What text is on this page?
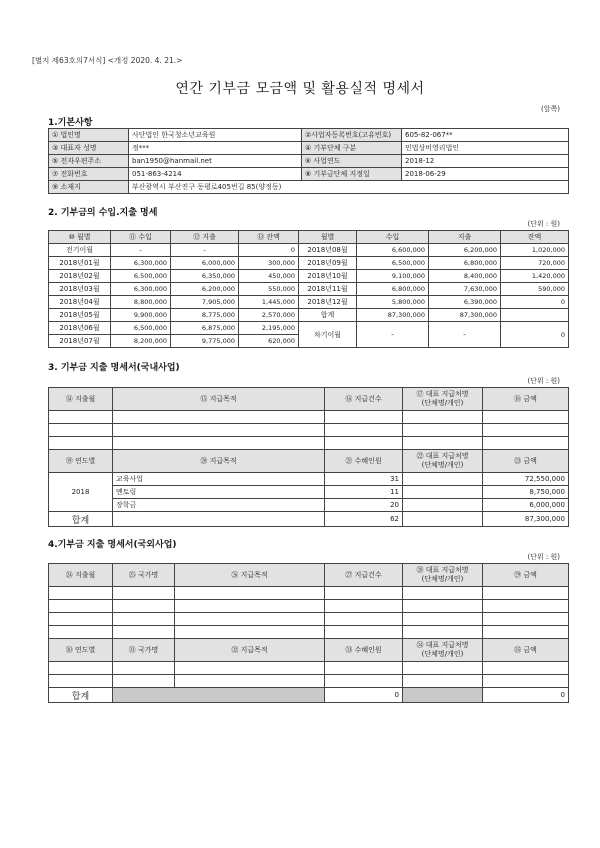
[별지 제63호의7서식] <개정 2020. 4. 21.>
연간 기부금 모금액 및 활용실적 명세서
(앞쪽)
1.기본사항
① 법인명	사단법인 한국청소년교육원	②사업자등록번호(고유번호)	605-82-067**
③ 대표자 성명	정***	④ 기부단체 구분	민법상비영리법인
⑤ 전자우편주소	ban1950@hanmail.net	⑥ 사업연도	2018-12
⑦ 전화번호	051-863-4214	⑧ 기부금단체 지정일	2018-06-29
⑨ 소재지	부산광역시 부산진구 동평로405번길 85(양정동)		
2. 기부금의 수입.지출 명세
(단위 : 원)
⑩ 월별	⑪ 수입	⑫ 지출	⑬ 잔액	월별	수입	지출	잔액
전기이월	-	-	0	2018년08월	6,600,000	6,200,000	1,020,000
2018년01월	6,300,000	6,000,000	300,000	2018년09월	6,500,000	6,800,000	720,000
2018년02월	6,500,000	6,350,000	450,000	2018년10월	9,100,000	8,400,000	1,420,000
2018년03월	6,300,000	6,200,000	550,000	2018년11월	6,800,000	7,630,000	590,000
2018년04월	8,800,000	7,905,000	1,445,000	2018년12월	5,800,000	6,390,000	0
2018년05월	9,900,000	8,775,000	2,570,000	합계	87,300,000	87,300,000	
2018년06월	6,500,000	6,875,000	2,195,000	차기이월	-	-	0
2018년07월	8,200,000	9,775,000	620,000				
3. 기부금 지출 명세서(국내사업)
(단위 : 원)
⑭ 지출월	⑮ 지급목적	⑯ 지급건수	⑰ 대표 지급처명
(단체명/개인)	⑱ 금액

⑲ 연도별	⑳ 지급목적	㉑ 수혜인원	㉒ 대표 지급처명
(단체명/개인)	㉓ 금액
2018	교육사업	31		72,550,000
	멘토링	11		8,750,000
	장학금	20		6,000,000
합계		62		87,300,000
4.기부금 지출 명세서(국외사업)
(단위 : 원)
㉔ 지출월	㉕ 국가명	㉖ 지급목적	㉗ 지급건수	㉘ 대표 지급처명
(단체명/개인)	㉙ 금액

㉚ 연도별	㉛ 국가명	㉜ 지급목적	㉝ 수혜인원	㉞ 대표 지급처명
(단체명/개인)	㉟ 금액

합계			0		0
